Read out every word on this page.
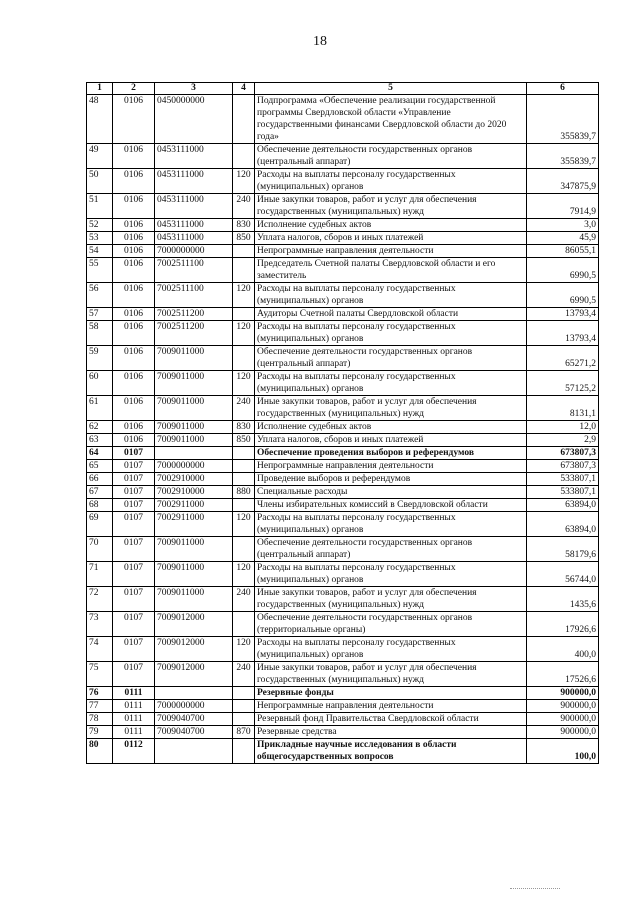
18
1	2	3	4	5	6
48	0106	0450000000		Подпрограмма «Обеспечение реализации государственной программы Свердловской области «Управление государственными финансами Свердловской области до 2020 года»	355839,7
49	0106	0453111000		Обеспечение деятельности государственных органов (центральный аппарат)	355839,7
50	0106	0453111000	120	Расходы на выплаты персоналу государственных (муниципальных) органов	347875,9
51	0106	0453111000	240	Иные закупки товаров, работ и услуг для обеспечения государственных (муниципальных) нужд	7914,9
52	0106	0453111000	830	Исполнение судебных актов	3,0
53	0106	0453111000	850	Уплата налогов, сборов и иных платежей	45,9
54	0106	7000000000		Непрограммные направления деятельности	86055,1
55	0106	7002511100		Председатель Счетной палаты Свердловской области и его заместитель	6990,5
56	0106	7002511100	120	Расходы на выплаты персоналу государственных (муниципальных) органов	6990,5
57	0106	7002511200		Аудиторы Счетной палаты Свердловской области	13793,4
58	0106	7002511200	120	Расходы на выплаты персоналу государственных (муниципальных) органов	13793,4
59	0106	7009011000		Обеспечение деятельности государственных органов (центральный аппарат)	65271,2
60	0106	7009011000	120	Расходы на выплаты персоналу государственных (муниципальных) органов	57125,2
61	0106	7009011000	240	Иные закупки товаров, работ и услуг для обеспечения государственных (муниципальных) нужд	8131,1
62	0106	7009011000	830	Исполнение судебных актов	12,0
63	0106	7009011000	850	Уплата налогов, сборов и иных платежей	2,9
64	0107			Обеспечение проведения выборов и референдумов	673807,3
65	0107	7000000000		Непрограммные направления деятельности	673807,3
66	0107	7002910000		Проведение выборов и референдумов	533807,1
67	0107	7002910000	880	Специальные расходы	533807,1
68	0107	7002911000		Члены избирательных комиссий в Свердловской области	63894,0
69	0107	7002911000	120	Расходы на выплаты персоналу государственных (муниципальных) органов	63894,0
70	0107	7009011000		Обеспечение деятельности государственных органов (центральный аппарат)	58179,6
71	0107	7009011000	120	Расходы на выплаты персоналу государственных (муниципальных) органов	56744,0
72	0107	7009011000	240	Иные закупки товаров, работ и услуг для обеспечения государственных (муниципальных) нужд	1435,6
73	0107	7009012000		Обеспечение деятельности государственных органов (территориальные органы)	17926,6
74	0107	7009012000	120	Расходы на выплаты персоналу государственных (муниципальных) органов	400,0
75	0107	7009012000	240	Иные закупки товаров, работ и услуг для обеспечения государственных (муниципальных) нужд	17526,6
76	0111			Резервные фонды	900000,0
77	0111	7000000000		Непрограммные направления деятельности	900000,0
78	0111	7009040700		Резервный фонд Правительства Свердловской области	900000,0
79	0111	7009040700	870	Резервные средства	900000,0
80	0112			Прикладные научные исследования в области общегосударственных вопросов	100,0
